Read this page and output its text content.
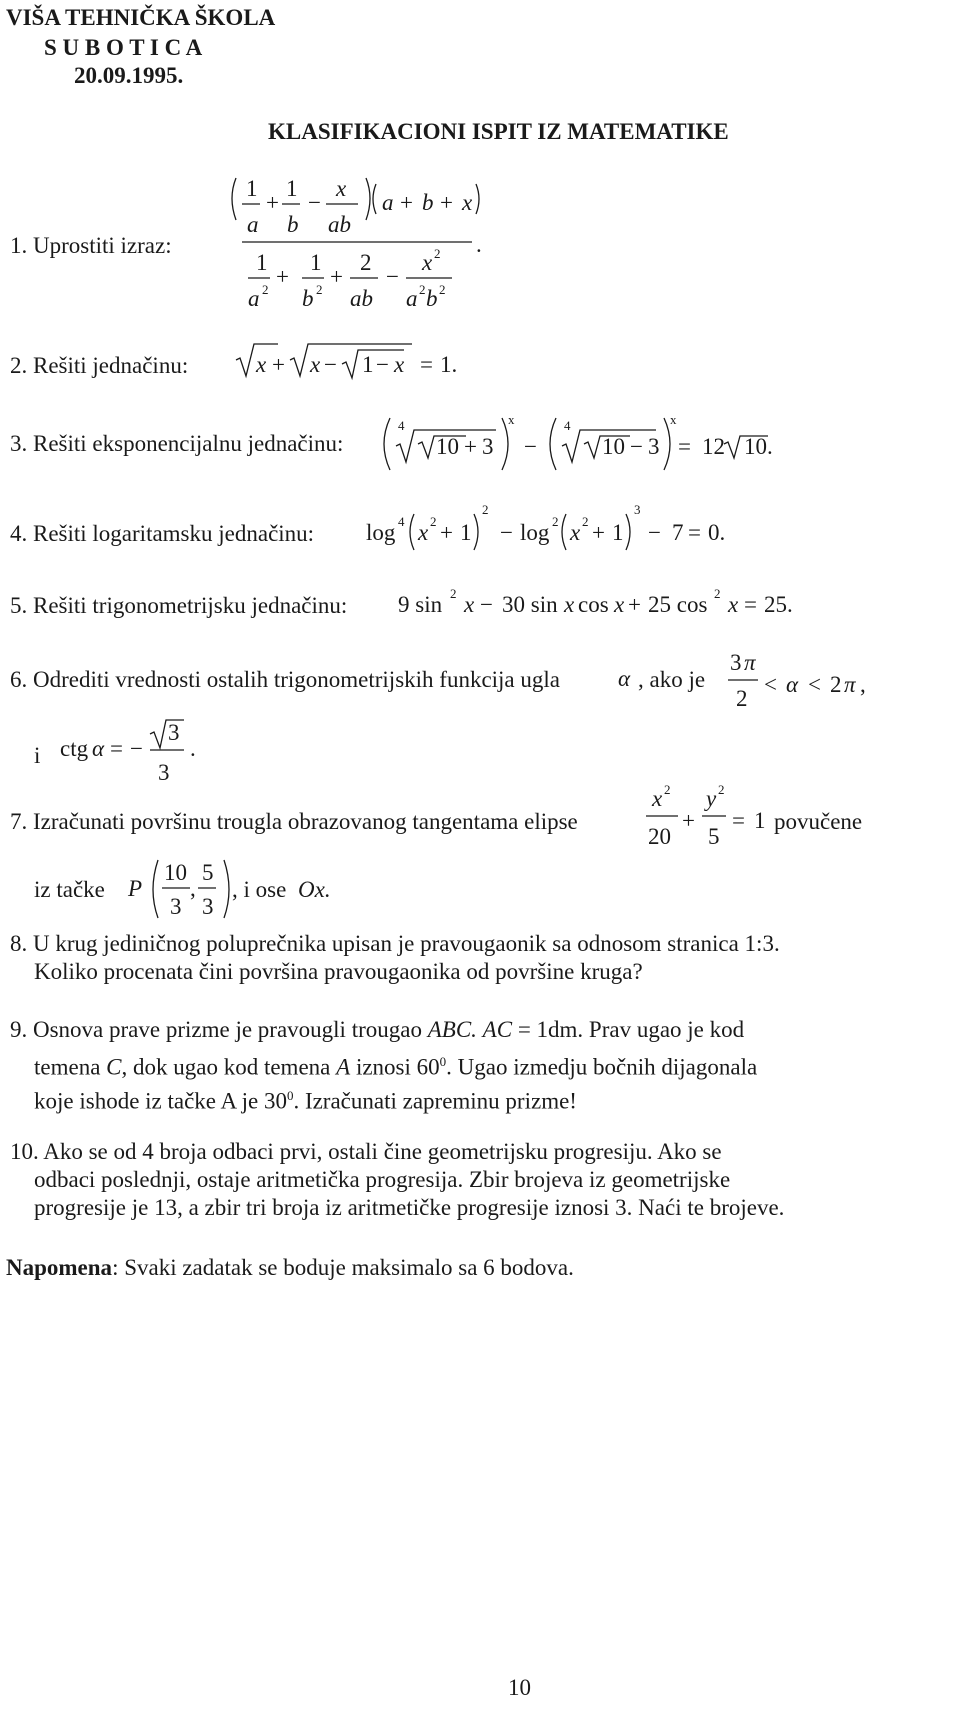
VIŠA TEHNIČKA ŠKOLA
S U B O T I C A
20.09.1995.
KLASIFIKACIONI ISPIT IZ MATEMATIKE
1. Uprostiti izraz:
1
a
+
1
b
−
x
ab
a + b + x
.
1
a 2
+
1
b 2
+
2
ab
−
x 2
a 2 b 2
2. Rešiti jednačinu:	x + x − 1 − x = 1.
3. Rešiti eksponencijalnu jednačinu:
4
10 + 3
x
−
4
10 − 3
x
= 12 10.
4. Rešiti logaritamsku jednačinu: log 4 x 2 + 1
2
− log 2 x 2 + 1
3
− 7 = 0.
5. Rešiti trigonometrijsku jednačinu: 9 sin 2 x − 30 sin x cos x + 25 cos 2 x = 25.
6. Odrediti vrednosti ostalih trigonometrijskih funkcija ugla	α , ako je
3 π
2
< α < 2 π ,
i ctg α = −
3
3
.
7. Izračunati površinu trougla obrazovanog tangentama elipse
x 2
20
+
y 2
5
= 1 povučene
iz tačke P
10
3
,
5
3
, i ose Ox.
8. U krug jediničnog poluprečnika upisan je pravougaonik sa odnosom stranica 1:3.
Koliko procenata čini površina pravougaonika od površine kruga?
9. Osnova prave prizme je pravougli trougao ABC. AC = 1dm. Prav ugao je kod
temena C, dok ugao kod temena A iznosi $60^0$. Ugao izmedju bočnih dijagonala
koje ishode iz tačke A je $30^0$. Izračunati zapreminu prizme!
10. Ako se od 4 broja odbaci prvi, ostali čine geometrijsku progresiju. Ako se
odbaci poslednji, ostaje aritmetička progresija. Zbir brojeva iz geometrijske
progresije je 13, a zbir tri broja iz aritmetičke progresije iznosi 3. Naći te brojeve.
Napomena: Svaki zadatak se boduje maksimalo sa 6 bodova.
10
